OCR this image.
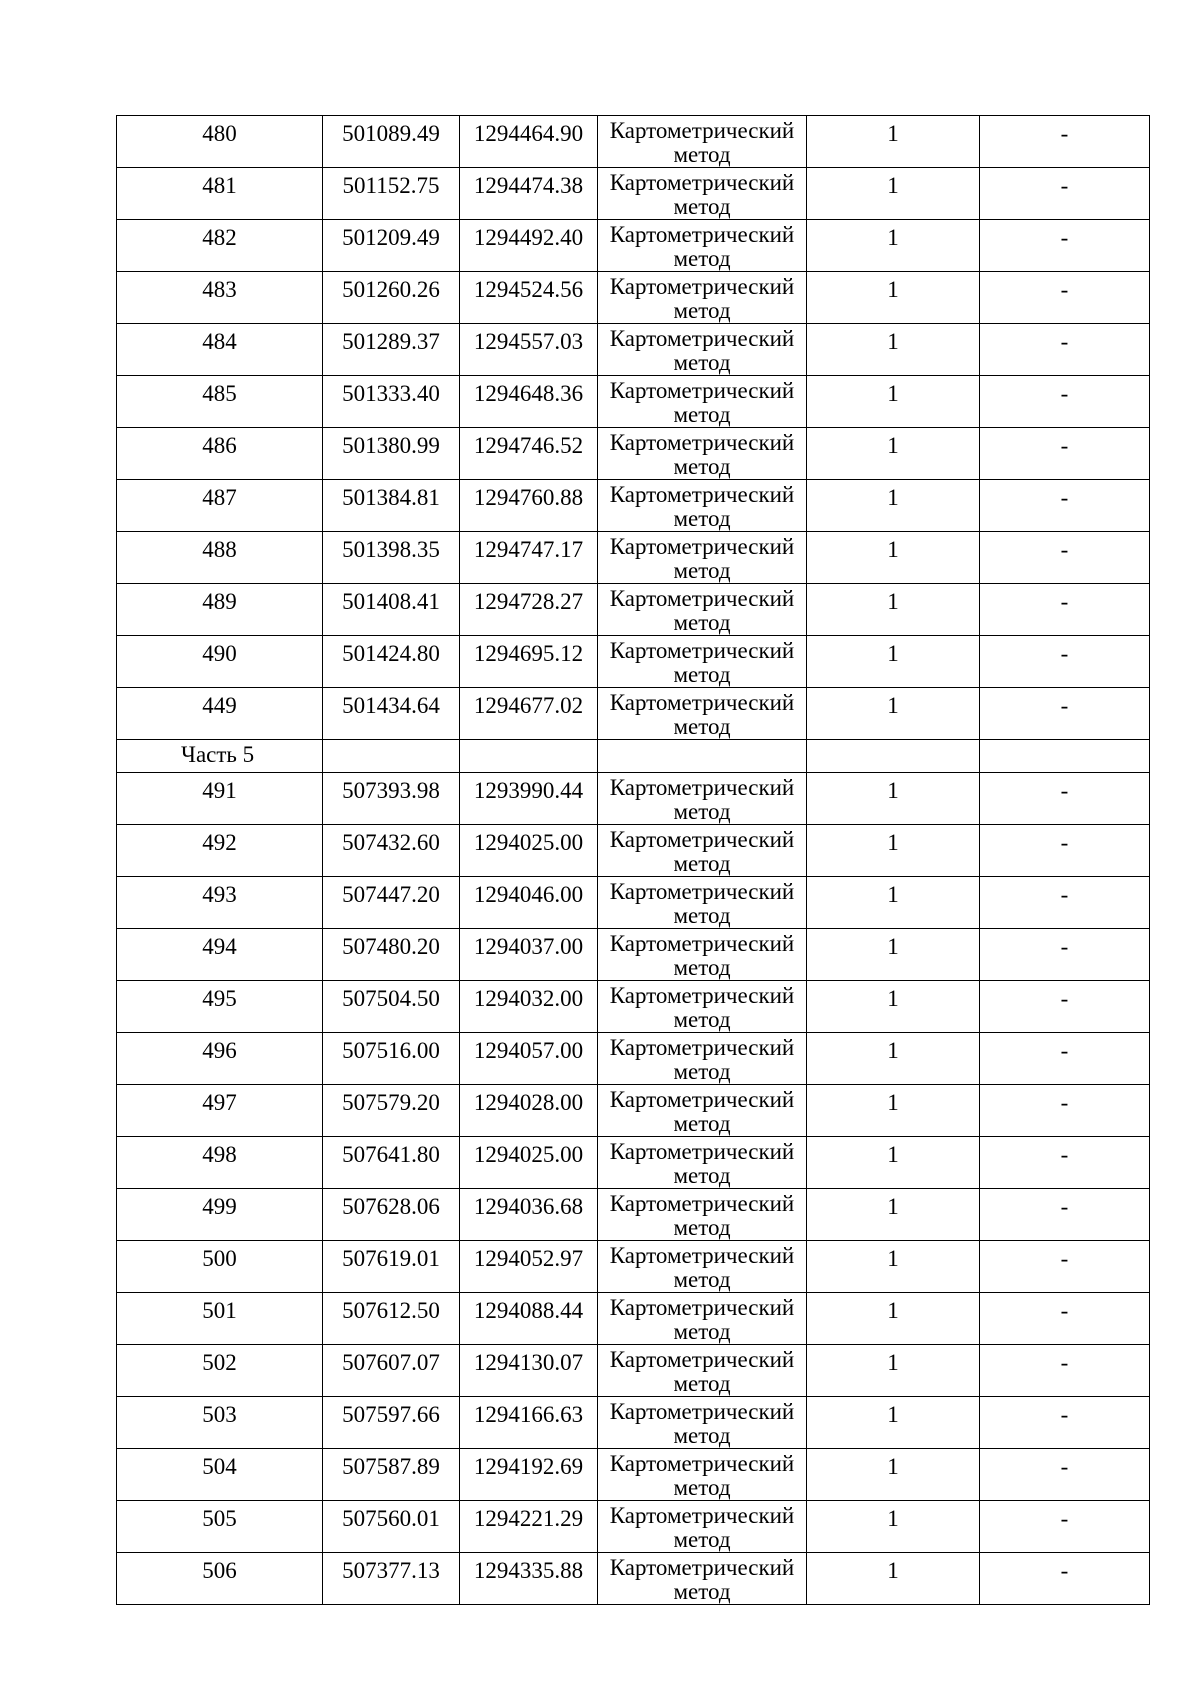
480	501089.49	1294464.90	Картометрический
метод	1	-

481	501152.75	1294474.38	Картометрический
метод	1	-

482	501209.49	1294492.40	Картометрический
метод	1	-

483	501260.26	1294524.56	Картометрический
метод	1	-

484	501289.37	1294557.03	Картометрический
метод	1	-

485	501333.40	1294648.36	Картометрический
метод	1	-

486	501380.99	1294746.52	Картометрический
метод	1	-

487	501384.81	1294760.88	Картометрический
метод	1	-

488	501398.35	1294747.17	Картометрический
метод	1	-

489	501408.41	1294728.27	Картометрический
метод	1	-

490	501424.80	1294695.12	Картометрический
метод	1	-

449	501434.64	1294677.02	Картометрический
метод	1	-

Часть 5					

491	507393.98	1293990.44	Картометрический
метод	1	-

492	507432.60	1294025.00	Картометрический
метод	1	-

493	507447.20	1294046.00	Картометрический
метод	1	-

494	507480.20	1294037.00	Картометрический
метод	1	-

495	507504.50	1294032.00	Картометрический
метод	1	-

496	507516.00	1294057.00	Картометрический
метод	1	-

497	507579.20	1294028.00	Картометрический
метод	1	-

498	507641.80	1294025.00	Картометрический
метод	1	-

499	507628.06	1294036.68	Картометрический
метод	1	-

500	507619.01	1294052.97	Картометрический
метод	1	-

501	507612.50	1294088.44	Картометрический
метод	1	-

502	507607.07	1294130.07	Картометрический
метод	1	-

503	507597.66	1294166.63	Картометрический
метод	1	-

504	507587.89	1294192.69	Картометрический
метод	1	-

505	507560.01	1294221.29	Картометрический
метод	1	-

506	507377.13	1294335.88	Картометрический
метод	1	-
